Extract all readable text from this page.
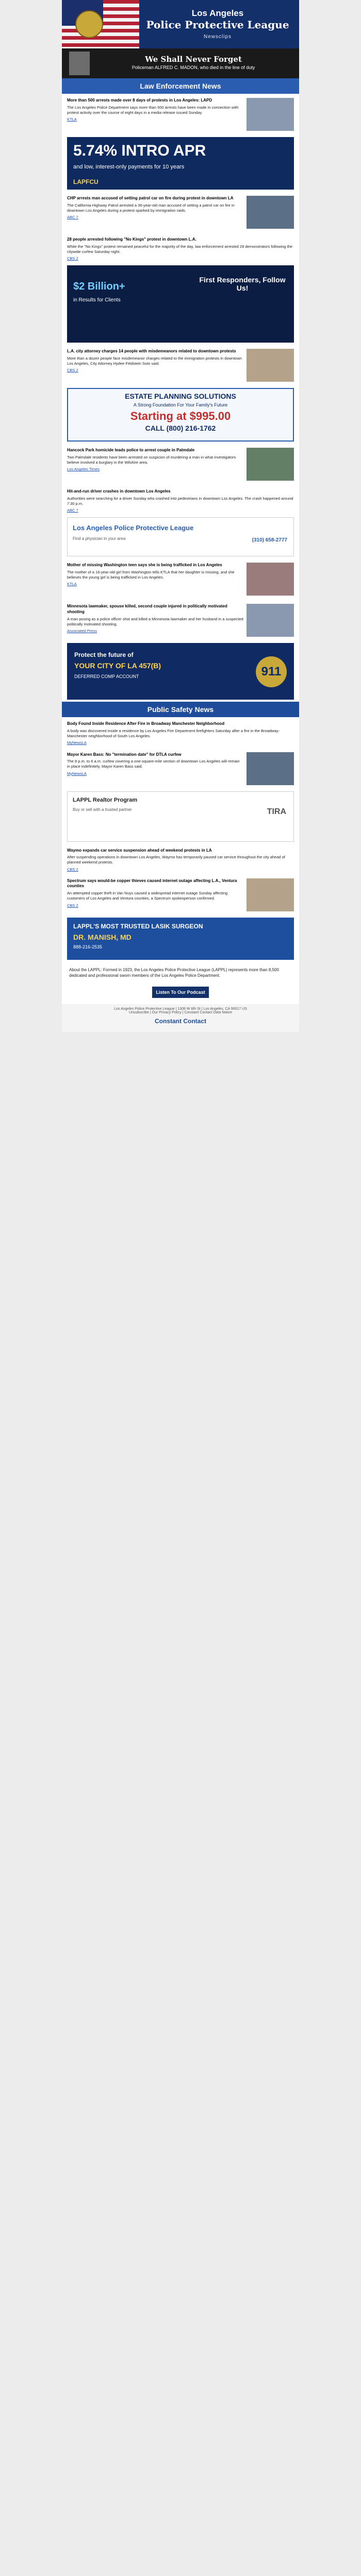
Los Angeles
Police Protective League
Newsclips
We Shall Never Forget
Policeman ALFRED C. MADON, who died in the line of duty
Law Enforcement News
More than 500 arrests made over 8 days of protests in Los Angeles: LAPD

The Los Angeles Police Department says more than 500 arrests have been made in connection with protest activity over the course of eight days in a media release issued Sunday.

KTLA
5.74% INTRO APR
and low, interest-only payments for 10 years
LAPFCU
CHP arrests man accused of setting patrol car on fire during protest in downtown LA

The California Highway Patrol arrested a 36-year-old man accused of setting a patrol car on fire in downtown Los Angeles during a protest sparked by immigration raids.

ABC 7
28 people arrested following "No Kings" protest in downtown L.A.

While the "No Kings" protest remained peaceful for the majority of the day, law enforcement arrested 28 demonstrators following the citywide curfew Saturday night.

CBS 2
$2 Billion+
in Results for Clients
First Responders, Follow Us!
L.A. city attorney charges 14 people with misdemeanors related to downtown protests

More than a dozen people face misdemeanor charges related to the immigration protests in downtown Los Angeles, City Attorney Hydee Feldstein Soto said.

CBS 2
ESTATE PLANNING SOLUTIONS
A Strong Foundation For Your Family's Future
Starting at $995.00
CALL (800) 216-1762
Hancock Park homicide leads police to arrest couple in Palmdale

Two Palmdale residents have been arrested on suspicion of murdering a man in what investigators believe involved a burglary in the Wilshire area.

Los Angeles Times
Hit-and-run driver crashes in downtown Los Angeles

Authorities were searching for a driver Sunday who crashed into pedestrians in downtown Los Angeles. The crash happened around 7:30 p.m.

ABC 7
Los Angeles Police Protective League
Find a physician in your area	(310) 658-2777
Mother of missing Washington teen says she is being trafficked in Los Angeles

The mother of a 16-year-old girl from Washington tells KTLA that her daughter is missing, and she believes the young girl is being trafficked in Los Angeles.

KTLA
Minnesota lawmaker, spouse killed, second couple injured in politically motivated shooting

A man posing as a police officer shot and killed a Minnesota lawmaker and her husband in a suspected politically motivated shooting.

Associated Press
Protect the future of
YOUR CITY OF LA 457(B)
DEFERRED COMP ACCOUNT	911
Public Safety News
Body Found Inside Residence After Fire in Broadway Manchester Neighborhood

A body was discovered inside a residence by Los Angeles Fire Department firefighters Saturday after a fire in the Broadway-Manchester neighborhood of South Los Angeles.

MyNewsLA
Mayor Karen Bass: No "termination date" for DTLA curfew

The 8 p.m. to 6 a.m. curfew covering a one-square-mile section of downtown Los Angeles will remain in place indefinitely, Mayor Karen Bass said.

MyNewsLA
LAPPL Realtor Program
Buy or sell with a trusted partner	TIRA
Waymo expands car service suspension ahead of weekend protests in LA

After suspending operations in downtown Los Angeles, Waymo has temporarily paused car service throughout the city ahead of planned weekend protests.

CBS 2
Spectrum says would-be copper thieves caused internet outage affecting L.A., Ventura counties

An attempted copper theft in Van Nuys caused a widespread internet outage Sunday affecting customers of Los Angeles and Ventura counties, a Spectrum spokesperson confirmed.

CBS 2
LAPPL'S MOST TRUSTED LASIK SURGEON
DR. MANISH, MD
888-216-2535
About the LAPPL: Formed in 1923, the Los Angeles Police Protective League (LAPPL) represents more than 8,500 dedicated and professional sworn members of the Los Angeles Police Department.
Listen To Our Podcast
Los Angeles Police Protective League | 1308 W 8th St | Los Angeles, CA 90017 US
Unsubscribe | Our Privacy Policy | Constant Contact Data Notice
Constant Contact
